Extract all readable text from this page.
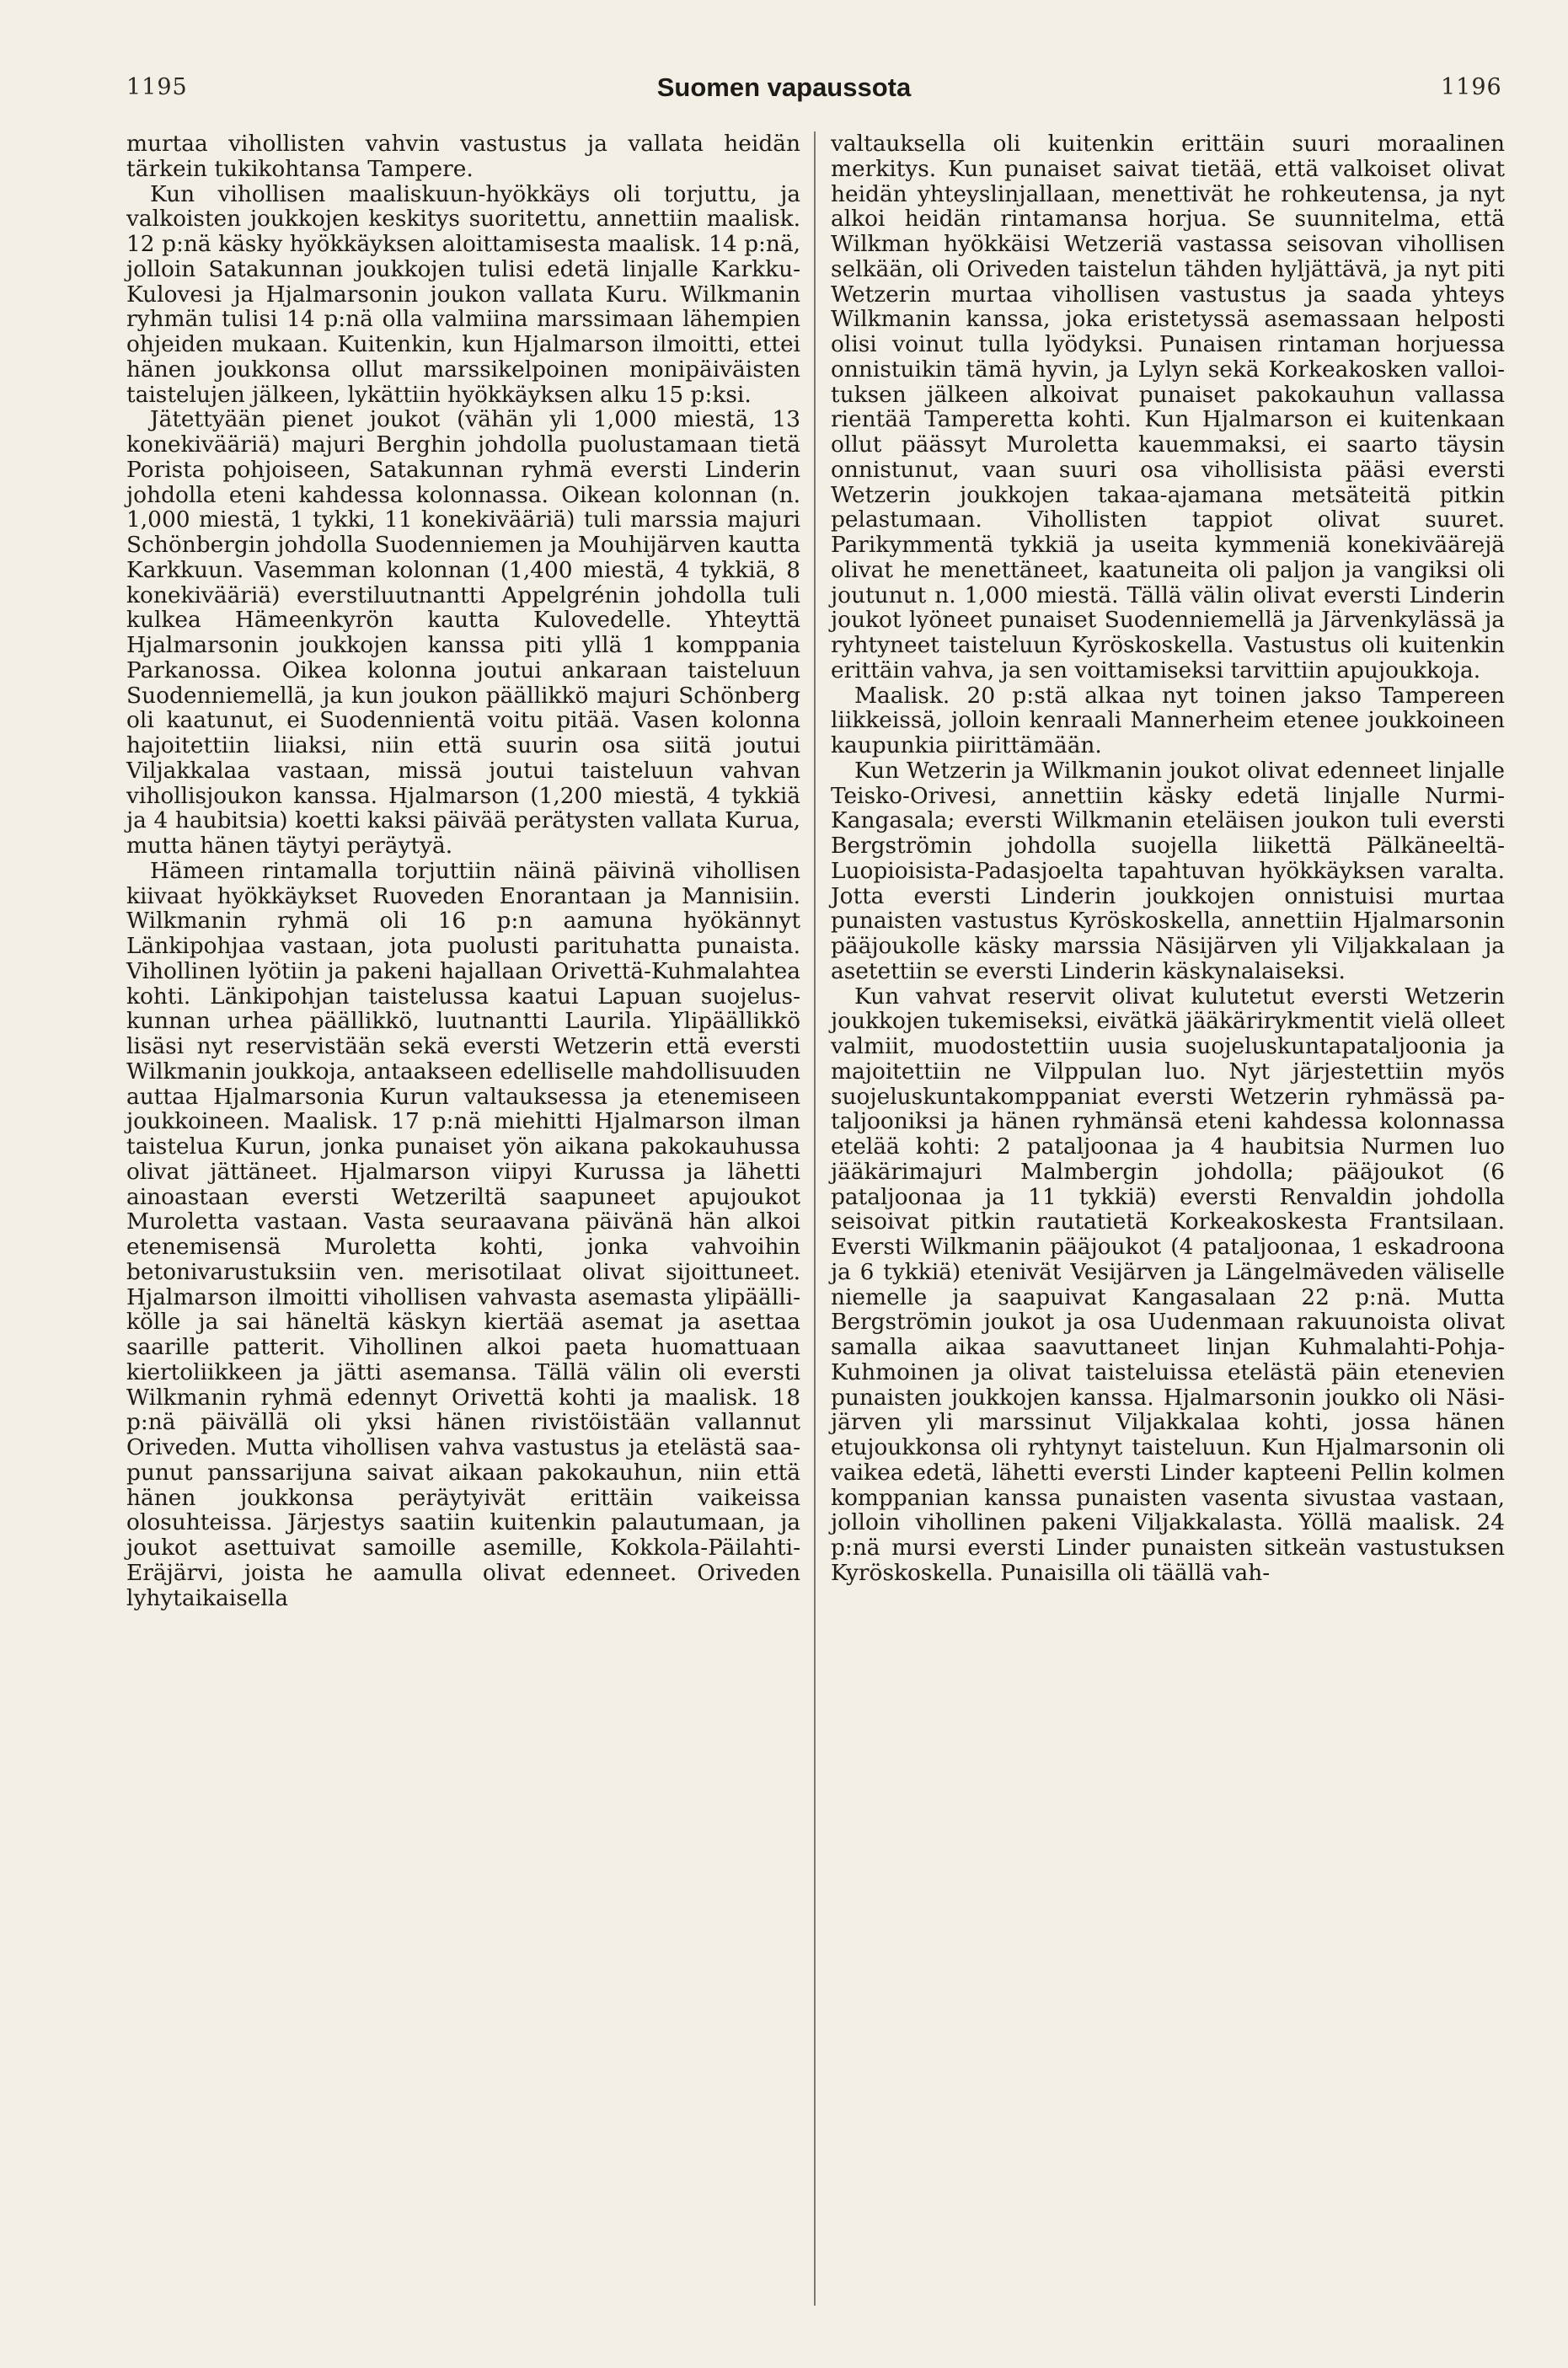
1195	Suomen vapaussota	1196

murtaa vihollisten vahvin vastustus ja vallata heidän tärkein tukikohtansa Tampere.

Kun vihollisen maaliskuun-hyökkäys oli torjuttu, ja valkoisten joukkojen keskitys suoritettu, annettiin maalisk. 12 p:nä käsky hyökkäyksen aloittamisesta maalisk. 14 p:nä, jolloin Satakunnan joukkojen tulisi edetä linjalle Karkku-Kulovesi ja Hjalmarsonin joukon vallata Kuru. Wilkmanin ryhmän tulisi 14 p:nä olla valmiina marssimaan lähempien ohjeiden mukaan. Kuitenkin, kun Hjalmarson ilmoitti, ettei hänen joukkonsa ollut marssikelpoinen monipäiväisten taistelujen jälkeen, lykättiin hyökkäyksen alku 15 p:ksi.

Jätettyään pienet joukot (vähän yli 1,000 miestä, 13 konekivääriä) majuri Berghin johdolla puolustamaan tietä Porista pohjoiseen, Satakunnan ryhmä eversti Linderin johdolla eteni kahdessa kolonnassa. Oikean kolonnan (n. 1,000 miestä, 1 tykki, 11 konekivääriä) tuli marssia majuri Schönbergin johdolla Suodenniemen ja Mouhijärven kautta Karkkuun. Vasemman kolonnan (1,400 miestä, 4 tykkiä, 8 konekivääriä) everstiluutnantti Appelgrénin johdolla tuli kulkea Hämeenkyrön kautta Kulovedelle. Yhteyttä Hjalmarsonin joukkojen kanssa piti yllä 1 komppania Parkanossa. Oikea kolonna joutui ankaraan taisteluun Suodenniemellä, ja kun joukon päällikkö majuri Schönberg oli kaatunut, ei Suodennientä voitu pitää. Vasen kolonna hajoitettiin liiaksi, niin että suurin osa siitä joutui Viljakkalaa vastaan, missä joutui taisteluun vahvan vihollisjoukon kanssa. Hjalmarson (1,200 miestä, 4 tykkiä ja 4 haubitsia) koetti kaksi päivää perätysten vallata Kurua, mutta hänen täytyi peräytyä.

Hämeen rintamalla torjuttiin näinä päivinä vihollisen kiivaat hyökkäykset Ruoveden Enorantaan ja Mannisiin. Wilkmanin ryhmä oli 16 p:n aamuna hyökännyt Länkipohjaa vastaan, jota puolusti parituhatta punaista. Vihollinen lyötiin ja pakeni hajallaan Orivettä-Kuhmalahtea kohti. Länkipohjan taistelussa kaatui Lapuan suojeluskunnan urhea päällikkö, luutnantti Laurila. Ylipäällikkö lisäsi nyt reservistään sekä eversti Wetzerin että eversti Wilkmanin joukkoja, antaakseen edelliselle mahdollisuuden auttaa Hjalmarsonia Kurun valtauksessa ja etenemiseen joukkoineen. Maalisk. 17 p:nä miehitti Hjalmarson ilman taistelua Kurun, jonka punaiset yön aikana pakokauhussa olivat jättäneet. Hjalmarson viipyi Kurussa ja lähetti ainoastaan eversti Wetzeriltä saapuneet apujoukot Muroletta vastaan. Vasta seuraavana päivänä hän alkoi etenemisensä Muroletta kohti, jonka vahvoihin betonivarustuksiin ven. merisotilaat olivat sijoittuneet. Hjalmarson ilmoitti vihollisen vahvasta asemasta ylipäällikölle ja sai häneltä käskyn kiertää asemat ja asettaa saarille patterit. Vihollinen alkoi paeta huomattuaan kiertoliikkeen ja jätti asemansa. Tällä välin oli eversti Wilkmanin ryhmä edennyt Orivettä kohti ja maalisk. 18 p:nä päivällä oli yksi hänen rivistöistään vallannut Oriveden. Mutta vihollisen vahva vastustus ja etelästä saapunut panssarijuna saivat aikaan pakokauhun, niin että hänen joukkonsa peräytyivät erittäin vaikeissa olosuhteissa. Järjestys saatiin kuitenkin palautumaan, ja joukot asettuivat samoille asemille, Kokkola-Päilahti-Eräjärvi, joista he aamulla olivat edenneet. Oriveden lyhytaikaisella

valtauksella oli kuitenkin erittäin suuri moraalinen merkitys. Kun punaiset saivat tietää, että valkoiset olivat heidän yhteyslinjallaan, menettivät he rohkeutensa, ja nyt alkoi heidän rintamansa horjua. Se suunnitelma, että Wilkman hyökkäisi Wetzeriä vastassa seisovan vihollisen selkään, oli Oriveden taistelun tähden hyljättävä, ja nyt piti Wetzerin murtaa vihollisen vastustus ja saada yhteys Wilkmanin kanssa, joka eristetyssä asemassaan helposti olisi voinut tulla lyödyksi. Punaisen rintaman horjuessa onnistuikin tämä hyvin, ja Lylyn sekä Korkeakosken valloituksen jälkeen alkoivat punaiset pakokauhun vallassa rientää Tamperetta kohti. Kun Hjalmarson ei kuitenkaan ollut päässyt Muroletta kauemmaksi, ei saarto täysin onnistunut, vaan suuri osa vihollisista pääsi eversti Wetzerin joukkojen takaa-ajamana metsäteitä pitkin pelastumaan. Vihollisten tappiot olivat suuret. Parikymmentä tykkiä ja useita kymmeniä konekiväärejä olivat he menettäneet, kaatuneita oli paljon ja vangiksi oli joutunut n. 1,000 miestä. Tällä välin olivat eversti Linderin joukot lyöneet punaiset Suodenniemellä ja Järvenkylässä ja ryhtyneet taisteluun Kyröskoskella. Vastustus oli kuitenkin erittäin vahva, ja sen voittamiseksi tarvittiin apujoukkoja.

Maalisk. 20 p:stä alkaa nyt toinen jakso Tampereen liikkeissä, jolloin kenraali Mannerheim etenee joukkoineen kaupunkia piirittämään.

Kun Wetzerin ja Wilkmanin joukot olivat edenneet linjalle Teisko-Orivesi, annettiin käsky edetä linjalle Nurmi-Kangasala; eversti Wilkmanin eteläisen joukon tuli eversti Bergströmin johdolla suojella liikettä Pälkäneeltä-Luopioisista-Padasjoelta tapahtuvan hyökkäyksen varalta. Jotta eversti Linderin joukkojen onnistuisi murtaa punaisten vastustus Kyröskoskella, annettiin Hjalmarsonin pääjoukolle käsky marssia Näsijärven yli Viljakkalaan ja asetettiin se eversti Linderin käskynalaiseksi.

Kun vahvat reservit olivat kulutetut eversti Wetzerin joukkojen tukemiseksi, eivätkä jääkärirykmentit vielä olleet valmiit, muodostettiin uusia suojeluskuntapataljoonia ja majoitettiin ne Vilppulan luo. Nyt järjestettiin myös suojeluskuntakomppaniat eversti Wetzerin ryhmässä pataljooniksi ja hänen ryhmänsä eteni kahdessa kolonnassa etelää kohti: 2 pataljoonaa ja 4 haubitsia Nurmen luo jääkärimajuri Malmbergin johdolla; pääjoukot (6 pataljoonaa ja 11 tykkiä) eversti Renvaldin johdolla seisoivat pitkin rautatietä Korkeakoskesta Frantsilaan. Eversti Wilkmanin pääjoukot (4 pataljoonaa, 1 eskadroona ja 6 tykkiä) etenivät Vesijärven ja Längelmäveden väliselle niemelle ja saapuivat Kangasalaan 22 p:nä. Mutta Bergströmin joukot ja osa Uudenmaan rakuunoista olivat samalla aikaa saavuttaneet linjan Kuhmalahti-Pohja-Kuhmoinen ja olivat taisteluissa etelästä päin etenevien punaisten joukkojen kanssa. Hjalmarsonin joukko oli Näsijärven yli marssinut Viljakkalaa kohti, jossa hänen etujoukkonsa oli ryhtynyt taisteluun. Kun Hjalmarsonin oli vaikea edetä, lähetti eversti Linder kapteeni Pellin kolmen komppanian kanssa punaisten vasenta sivustaa vastaan, jolloin vihollinen pakeni Viljakkalasta. Yöllä maalisk. 24 p:nä mursi eversti Linder punaisten sitkeän vastustuksen Kyröskoskella. Punaisilla oli täällä vah-
